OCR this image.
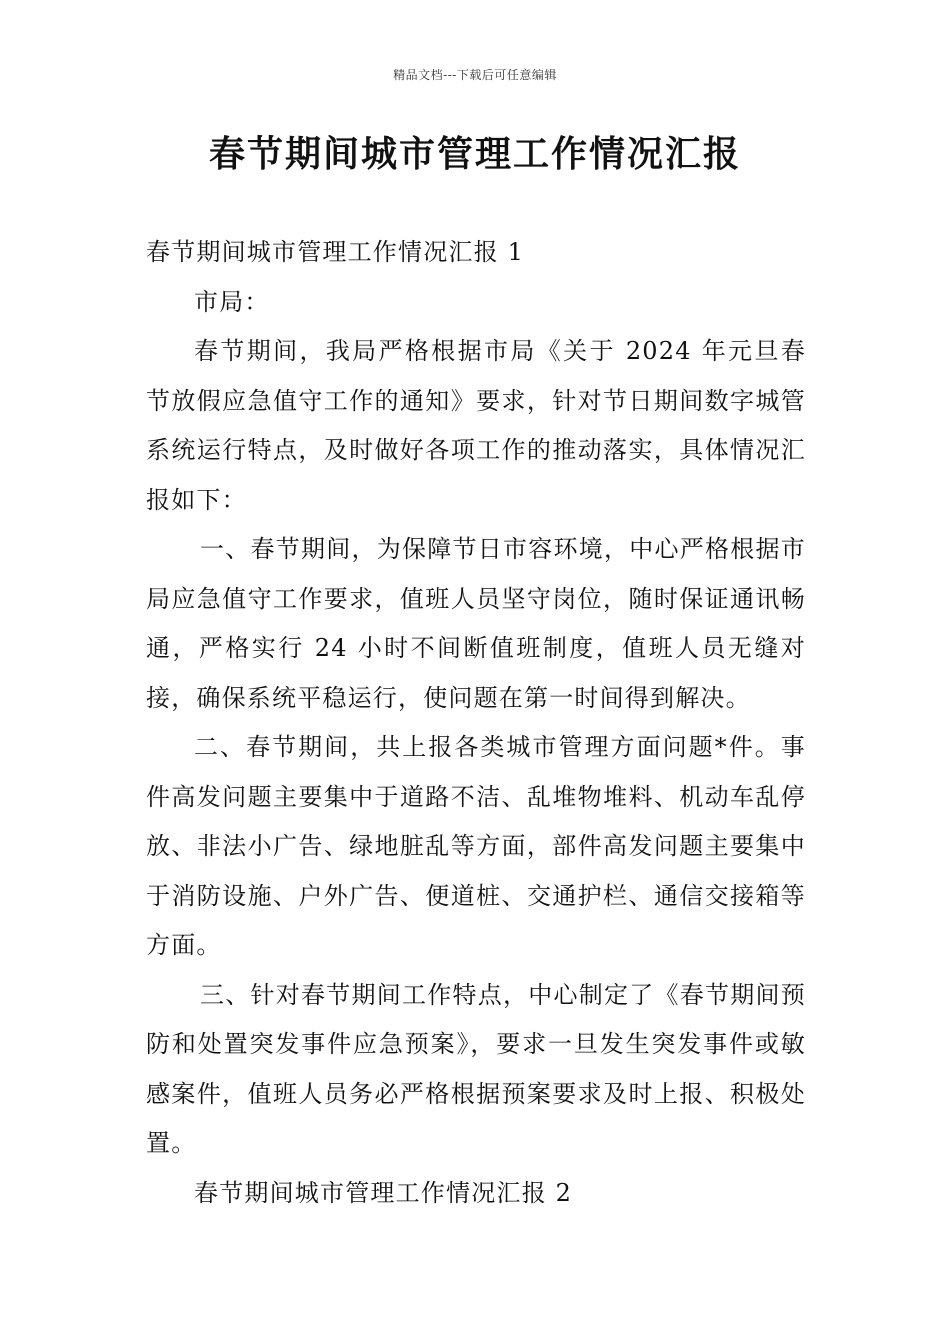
精品文档---下载后可任意编辑
春节期间城市管理工作情况汇报

春节期间城市管理工作情况汇报 1

市局：

春节期间，我局严格根据市局《关于 2024 年元旦春节放假应急值守工作的通知》要求，针对节日期间数字城管系统运行特点，及时做好各项工作的推动落实，具体情况汇报如下：

一、春节期间，为保障节日市容环境，中心严格根据市局应急值守工作要求，值班人员坚守岗位，随时保证通讯畅通，严格实行 24 小时不间断值班制度，值班人员无缝对接，确保系统平稳运行，使问题在第一时间得到解决。

二、春节期间，共上报各类城市管理方面问题*件。事件高发问题主要集中于道路不洁、乱堆物堆料、机动车乱停放、非法小广告、绿地脏乱等方面，部件高发问题主要集中于消防设施、户外广告、便道桩、交通护栏、通信交接箱等方面。

三、针对春节期间工作特点，中心制定了《春节期间预防和处置突发事件应急预案》，要求一旦发生突发事件或敏感案件，值班人员务必严格根据预案要求及时上报、积极处置。

春节期间城市管理工作情况汇报 2
